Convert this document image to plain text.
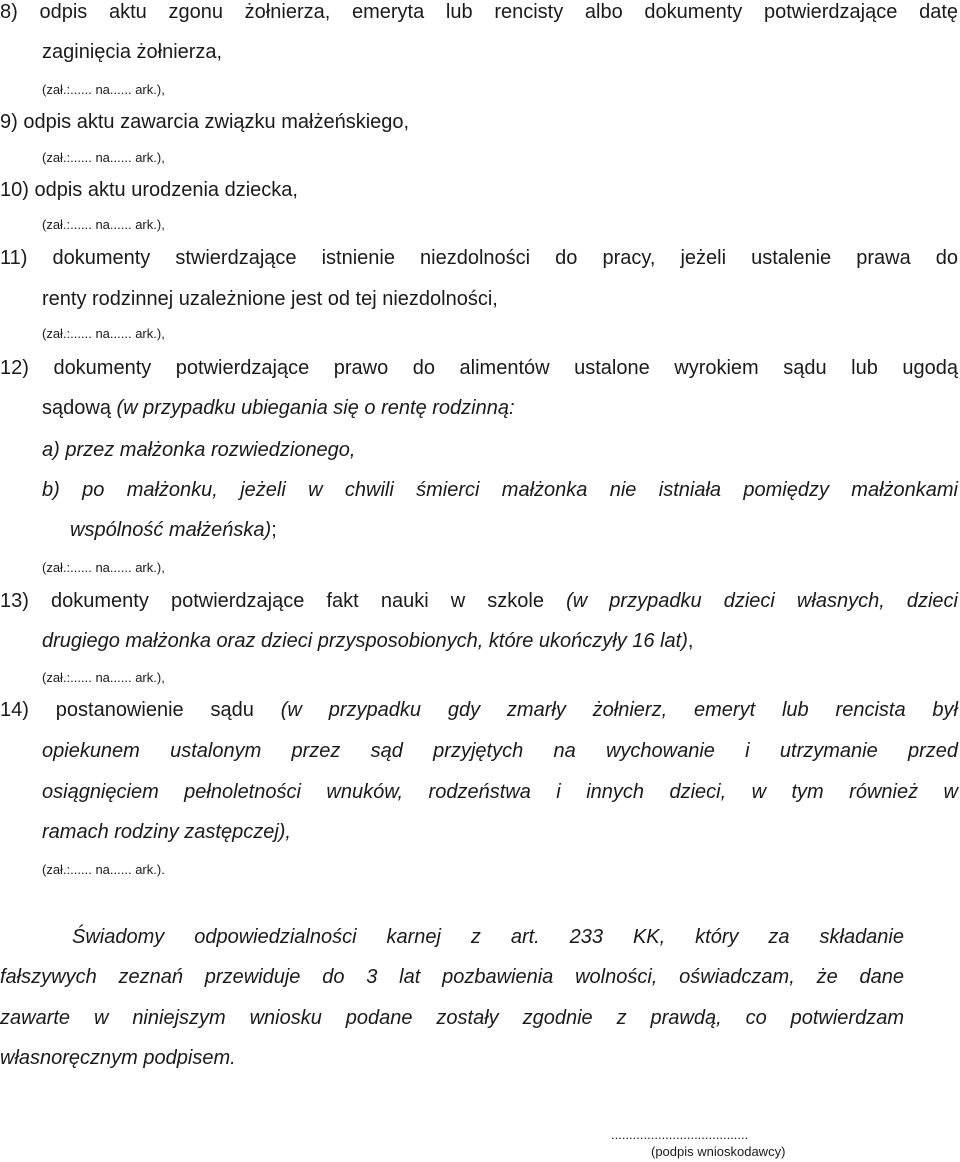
8) odpis aktu zgonu żołnierza, emeryta lub rencisty albo dokumenty potwierdzające datę
zaginięcia żołnierza,
(zał.:...... na...... ark.),
9) odpis aktu zawarcia związku małżeńskiego,
(zał.:...... na...... ark.),
10) odpis aktu urodzenia dziecka,
(zał.:...... na...... ark.),
11) dokumenty stwierdzające istnienie niezdolności do pracy, jeżeli ustalenie prawa do
renty rodzinnej uzależnione jest od tej niezdolności,
(zał.:...... na...... ark.),
12) dokumenty potwierdzające prawo do alimentów ustalone wyrokiem sądu lub ugodą
sądową (w przypadku ubiegania się o rentę rodzinną:
a) przez małżonka rozwiedzionego,
b) po małżonku, jeżeli w chwili śmierci małżonka nie istniała pomiędzy małżonkami
wspólność małżeńska);
(zał.:...... na...... ark.),
13) dokumenty potwierdzające fakt nauki w szkole (w przypadku dzieci własnych, dzieci
drugiego małżonka oraz dzieci przysposobionych, które ukończyły 16 lat),
(zał.:...... na...... ark.),
14) postanowienie sądu (w przypadku gdy zmarły żołnierz, emeryt lub rencista był
opiekunem ustalonym przez sąd przyjętych na wychowanie i utrzymanie przed
osiągnięciem pełnoletności wnuków, rodzeństwa i innych dzieci, w tym również w
ramach rodziny zastępczej),
(zał.:...... na...... ark.).
Świadomy odpowiedzialności karnej z art. 233 KK, który za składanie
fałszywych zeznań przewiduje do 3 lat pozbawienia wolności, oświadczam, że dane
zawarte w niniejszym wniosku podane zostały zgodnie z prawdą, co potwierdzam
własnoręcznym podpisem.
......................................
(podpis wnioskodawcy)
